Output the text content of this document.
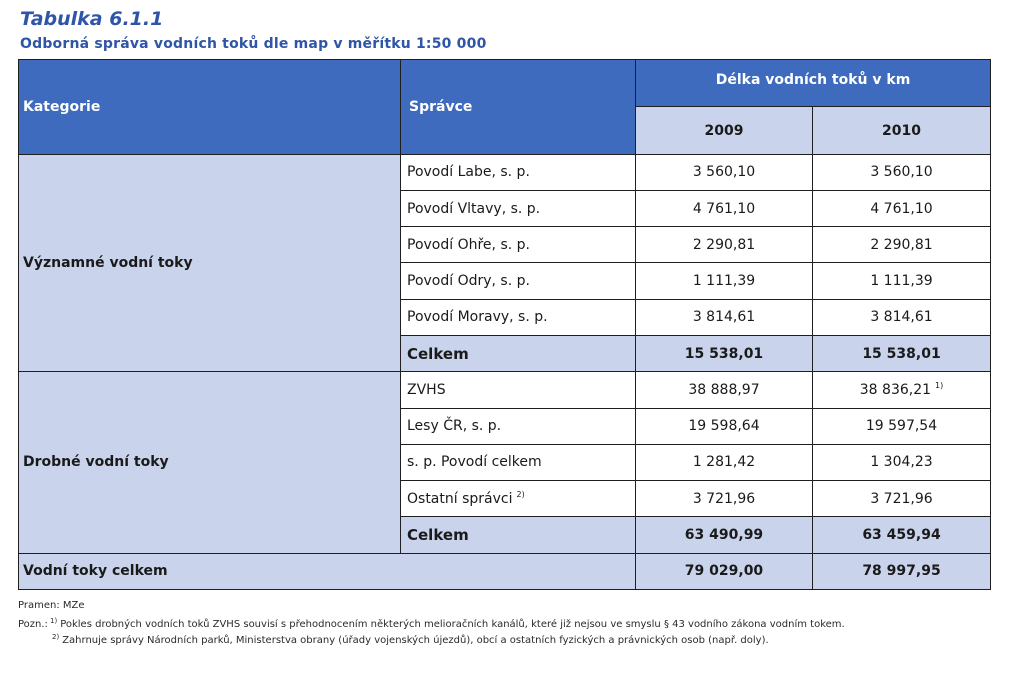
Tabulka 6.1.1
Odborná správa vodních toků dle map v měřítku 1:50 000
Kategorie	Správce	Délka vodních toků v km	
		2009	2010
Významné vodní toky	Povodí Labe, s. p.	3 560,10	3 560,10
	Povodí Vltavy, s. p.	4 761,10	4 761,10
	Povodí Ohře, s. p.	2 290,81	2 290,81
	Povodí Odry, s. p.	1 111,39	1 111,39
	Povodí Moravy, s. p.	3 814,61	3 814,61
	Celkem	15 538,01	15 538,01
Drobné vodní toky	ZVHS	38 888,97	38 836,21 $^{1)}$
	Lesy ČR, s. p.	19 598,64	19 597,54
	s. p. Povodí celkem	1 281,42	1 304,23
	Ostatní správci $^{2)}$	3 721,96	3 721,96
	Celkem	63 490,99	63 459,94
Vodní toky celkem		79 029,00	78 997,95
Pramen: MZe
Pozn.: $^{1)}$ Pokles drobných vodních toků ZVHS souvisí s přehodnocením některých melioračních kanálů, které již nejsou ve smyslu § 43 vodního zákona vodním tokem.
$^{2)}$ Zahrnuje správy Národních parků, Ministerstva obrany (úřady vojenských újezdů), obcí a ostatních fyzických a právnických osob (např. doly).
